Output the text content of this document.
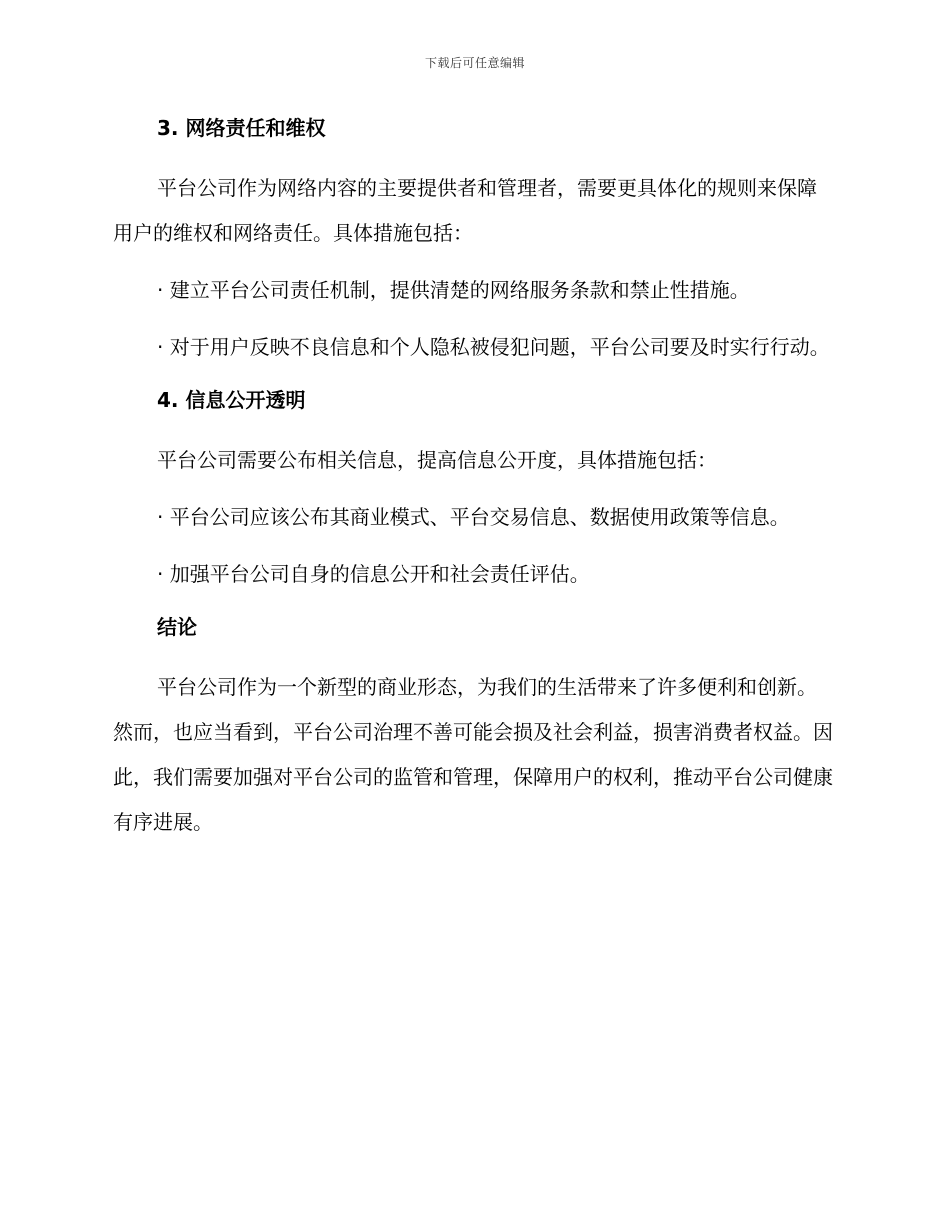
下载后可任意编辑
3. 网络责任和维权
平台公司作为网络内容的主要提供者和管理者，需要更具体化的规则来保障用户的维权和网络责任。具体措施包括：
· 建立平台公司责任机制，提供清楚的网络服务条款和禁止性措施。
· 对于用户反映不良信息和个人隐私被侵犯问题，平台公司要及时实行行动。
4. 信息公开透明
平台公司需要公布相关信息，提高信息公开度，具体措施包括：
· 平台公司应该公布其商业模式、平台交易信息、数据使用政策等信息。
· 加强平台公司自身的信息公开和社会责任评估。
结论
平台公司作为一个新型的商业形态，为我们的生活带来了许多便利和创新。然而，也应当看到，平台公司治理不善可能会损及社会利益，损害消费者权益。因此，我们需要加强对平台公司的监管和管理，保障用户的权利，推动平台公司健康有序进展。
